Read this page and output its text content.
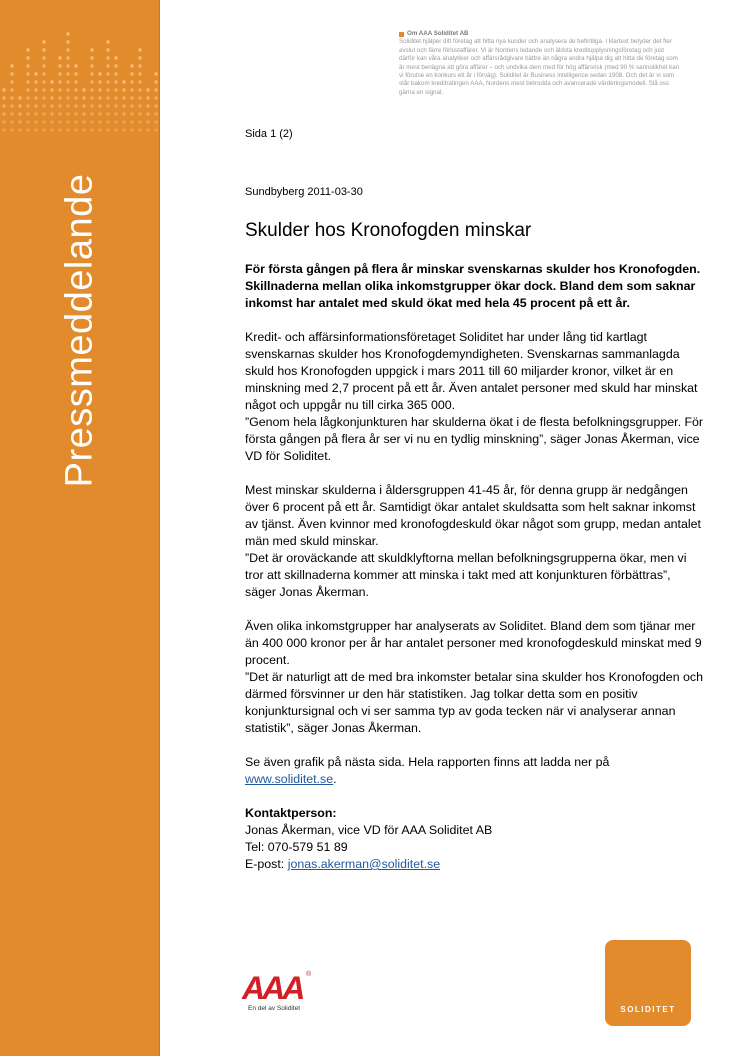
Pressmeddelande
Om AAA Soliditet AB
Soliditet hjälper ditt företag att hitta nya kunder och analysera de befintliga. I klartext betyder det fler avslut och färre förlustaffärer. Vi är Nordens ledande och äldsta kreditupplysningsföretag och just därför kan våra analytiker och affärsrådgivare bättre än några andra hjälpa dig att hitta de företag som är mest benägna att göra affärer – och undvika dem med för hög affärsrisk (med 90 % sannolikhet kan vi förutse en konkurs ett år i förväg). Soliditet är Business intelligence sedan 1908. Och det är vi som står bakom kreditratingen AAA, Nordens mest betrodda och avancerade värderingsmodell. Slå oss gärna en signal.
Sida 1 (2)
Sundbyberg 2011-03-30
Skulder hos Kronofogden minskar

För första gången på flera år minskar svenskarnas skulder hos Kronofogden. Skillnaderna mellan olika inkomstgrupper ökar dock. Bland dem som saknar inkomst har antalet med skuld ökat med hela 45 procent på ett år.

Kredit- och affärsinformationsföretaget Soliditet har under lång tid kartlagt svenskarnas skulder hos Kronofogdemyndigheten. Svenskarnas sammanlagda skuld hos Kronofogden uppgick i mars 2011 till 60 miljarder kronor, vilket är en minskning med 2,7 procent på ett år. Även antalet personer med skuld har minskat något och uppgår nu till cirka 365 000.
”Genom hela lågkonjunkturen har skulderna ökat i de flesta befolkningsgrupper. För första gången på flera år ser vi nu en tydlig minskning”, säger Jonas Åkerman, vice VD för Soliditet.

Mest minskar skulderna i åldersgruppen 41-45 år, för denna grupp är nedgången över 6 procent på ett år. Samtidigt ökar antalet skuldsatta som helt saknar inkomst av tjänst. Även kvinnor med kronofogdeskuld ökar något som grupp, medan antalet män med skuld minskar.
”Det är oroväckande att skuldklyftorna mellan befolkningsgrupperna ökar, men vi tror att skillnaderna kommer att minska i takt med att konjunkturen förbättras”, säger Jonas Åkerman.

Även olika inkomstgrupper har analyserats av Soliditet. Bland dem som tjänar mer än 400 000 kronor per år har antalet personer med kronofogdeskuld minskat med 9 procent.
”Det är naturligt att de med bra inkomster betalar sina skulder hos Kronofogden och därmed försvinner ur den här statistiken. Jag tolkar detta som en positiv konjunktursignal och vi ser samma typ av goda tecken när vi analyserar annan statistik”, säger Jonas Åkerman.

Se även grafik på nästa sida. Hela rapporten finns att ladda ner på
www.soliditet.se.

Kontaktperson:

Jonas Åkerman, vice VD för AAA Soliditet AB

Tel: 070-579 51 89

E-post: jonas.akerman@soliditet.se

AAA ®
En del av Soliditet	SOLIDITET
